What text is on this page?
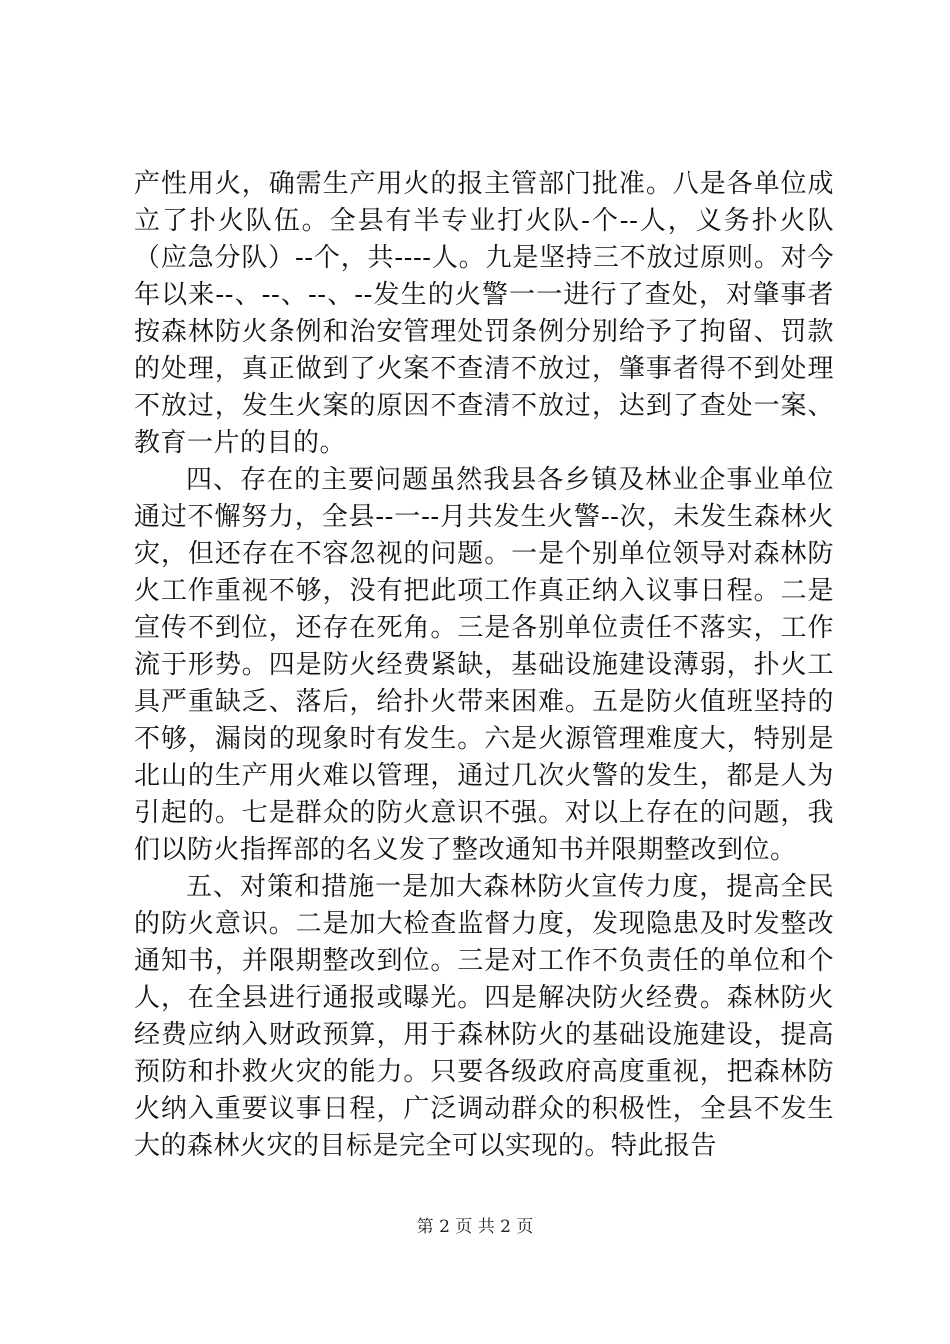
产性用火，确需生产用火的报主管部门批准。八是各单位成立了扑火队伍。全县有半专业打火队-个--人，义务扑火队（应急分队）--个，共----人。九是坚持三不放过原则。对今年以来--、--、--、--发生的火警一一进行了查处，对肇事者按森林防火条例和治安管理处罚条例分别给予了拘留、罚款的处理，真正做到了火案不查清不放过，肇事者得不到处理不放过，发生火案的原因不查清不放过，达到了查处一案、教育一片的目的。

四、存在的主要问题虽然我县各乡镇及林业企事业单位通过不懈努力，全县--一--月共发生火警--次，未发生森林火灾，但还存在不容忽视的问题。一是个别单位领导对森林防火工作重视不够，没有把此项工作真正纳入议事日程。二是宣传不到位，还存在死角。三是各别单位责任不落实，工作流于形势。四是防火经费紧缺，基础设施建设薄弱，扑火工具严重缺乏、落后，给扑火带来困难。五是防火值班坚持的不够，漏岗的现象时有发生。六是火源管理难度大，特别是北山的生产用火难以管理，通过几次火警的发生，都是人为引起的。七是群众的防火意识不强。对以上存在的问题，我们以防火指挥部的名义发了整改通知书并限期整改到位。

五、对策和措施一是加大森林防火宣传力度，提高全民的防火意识。二是加大检查监督力度，发现隐患及时发整改通知书，并限期整改到位。三是对工作不负责任的单位和个人，在全县进行通报或曝光。四是解决防火经费。森林防火经费应纳入财政预算，用于森林防火的基础设施建设，提高预防和扑救火灾的能力。只要各级政府高度重视，把森林防火纳入重要议事日程，广泛调动群众的积极性，全县不发生大的森林火灾的目标是完全可以实现的。特此报告

第 2 页 共 2 页
